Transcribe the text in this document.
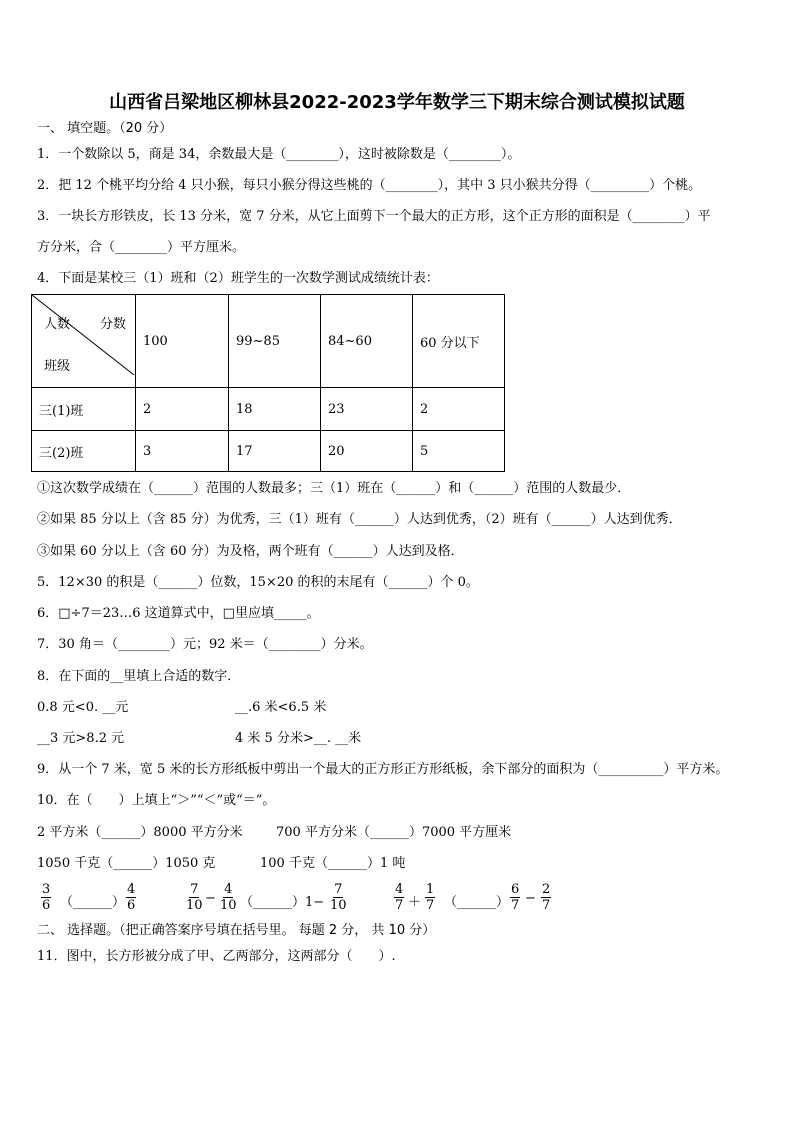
山西省吕梁地区柳林县2022-2023学年数学三下期末综合测试模拟试题
一、 填空题。（20 分）
1．一个数除以 5，商是 34，余数最大是（________），这时被除数是（________）。
2．把 12 个桃平均分给 4 只小猴，每只小猴分得这些桃的（________），其中 3 只小猴共分得（_________）个桃。
3．一块长方形铁皮，长 13 分米，宽 7 分米，从它上面剪下一个最大的正方形，这个正方形的面积是（________）平
方分米，合（________）平方厘米。
4．下面是某校三（1）班和（2）班学生的一次数学测试成绩统计表：
人数 分数
班级	100	99~85	84~60	60 分以下
三(1)班	2	18	23	2
三(2)班	3	17	20	5
①这次数学成绩在（______）范围的人数最多；三（1）班在（______）和（______）范围的人数最少．
②如果 85 分以上（含 85 分）为优秀，三（1）班有（______）人达到优秀，（2）班有（______）人达到优秀．
③如果 60 分以上（含 60 分）为及格，两个班有（______）人达到及格．
5．12×30 的积是（______）位数，15×20 的积的末尾有（______）个 0。
6．□÷7＝23…6 这道算式中，□里应填_____。
7．30 角＝（________）元；92 米＝（________）分米。
8．在下面的__里填上合适的数字．
0.8 元<0. __元	__.6 米<6.5 米
__3 元>8.2 元	4 米 5 分米>__. __米
9．从一个 7 米，宽 5 米的长方形纸板中剪出一个最大的正方形正方形纸板，余下部分的面积为（__________）平方米。
10．在（　　）上填上“＞”“＜”或“＝”。
2 平方米（______）8000 平方分米	700 平方分米（______）7000 平方厘米
1050 千克（______）1050 克	100 千克（______）1 吨
$\frac{3}{6}$ （______） $\frac{4}{6}$	$\frac{7}{10} - \frac{4}{10}$ （______）1− $\frac{7}{10}$	$\frac{4}{7} + \frac{1}{7}$ （______） $\frac{6}{7} - \frac{2}{7}$
二、 选择题。（把正确答案序号填在括号里。 每题 2 分， 共 10 分）
11．图中，长方形被分成了甲、乙两部分，这两部分（　　）.
